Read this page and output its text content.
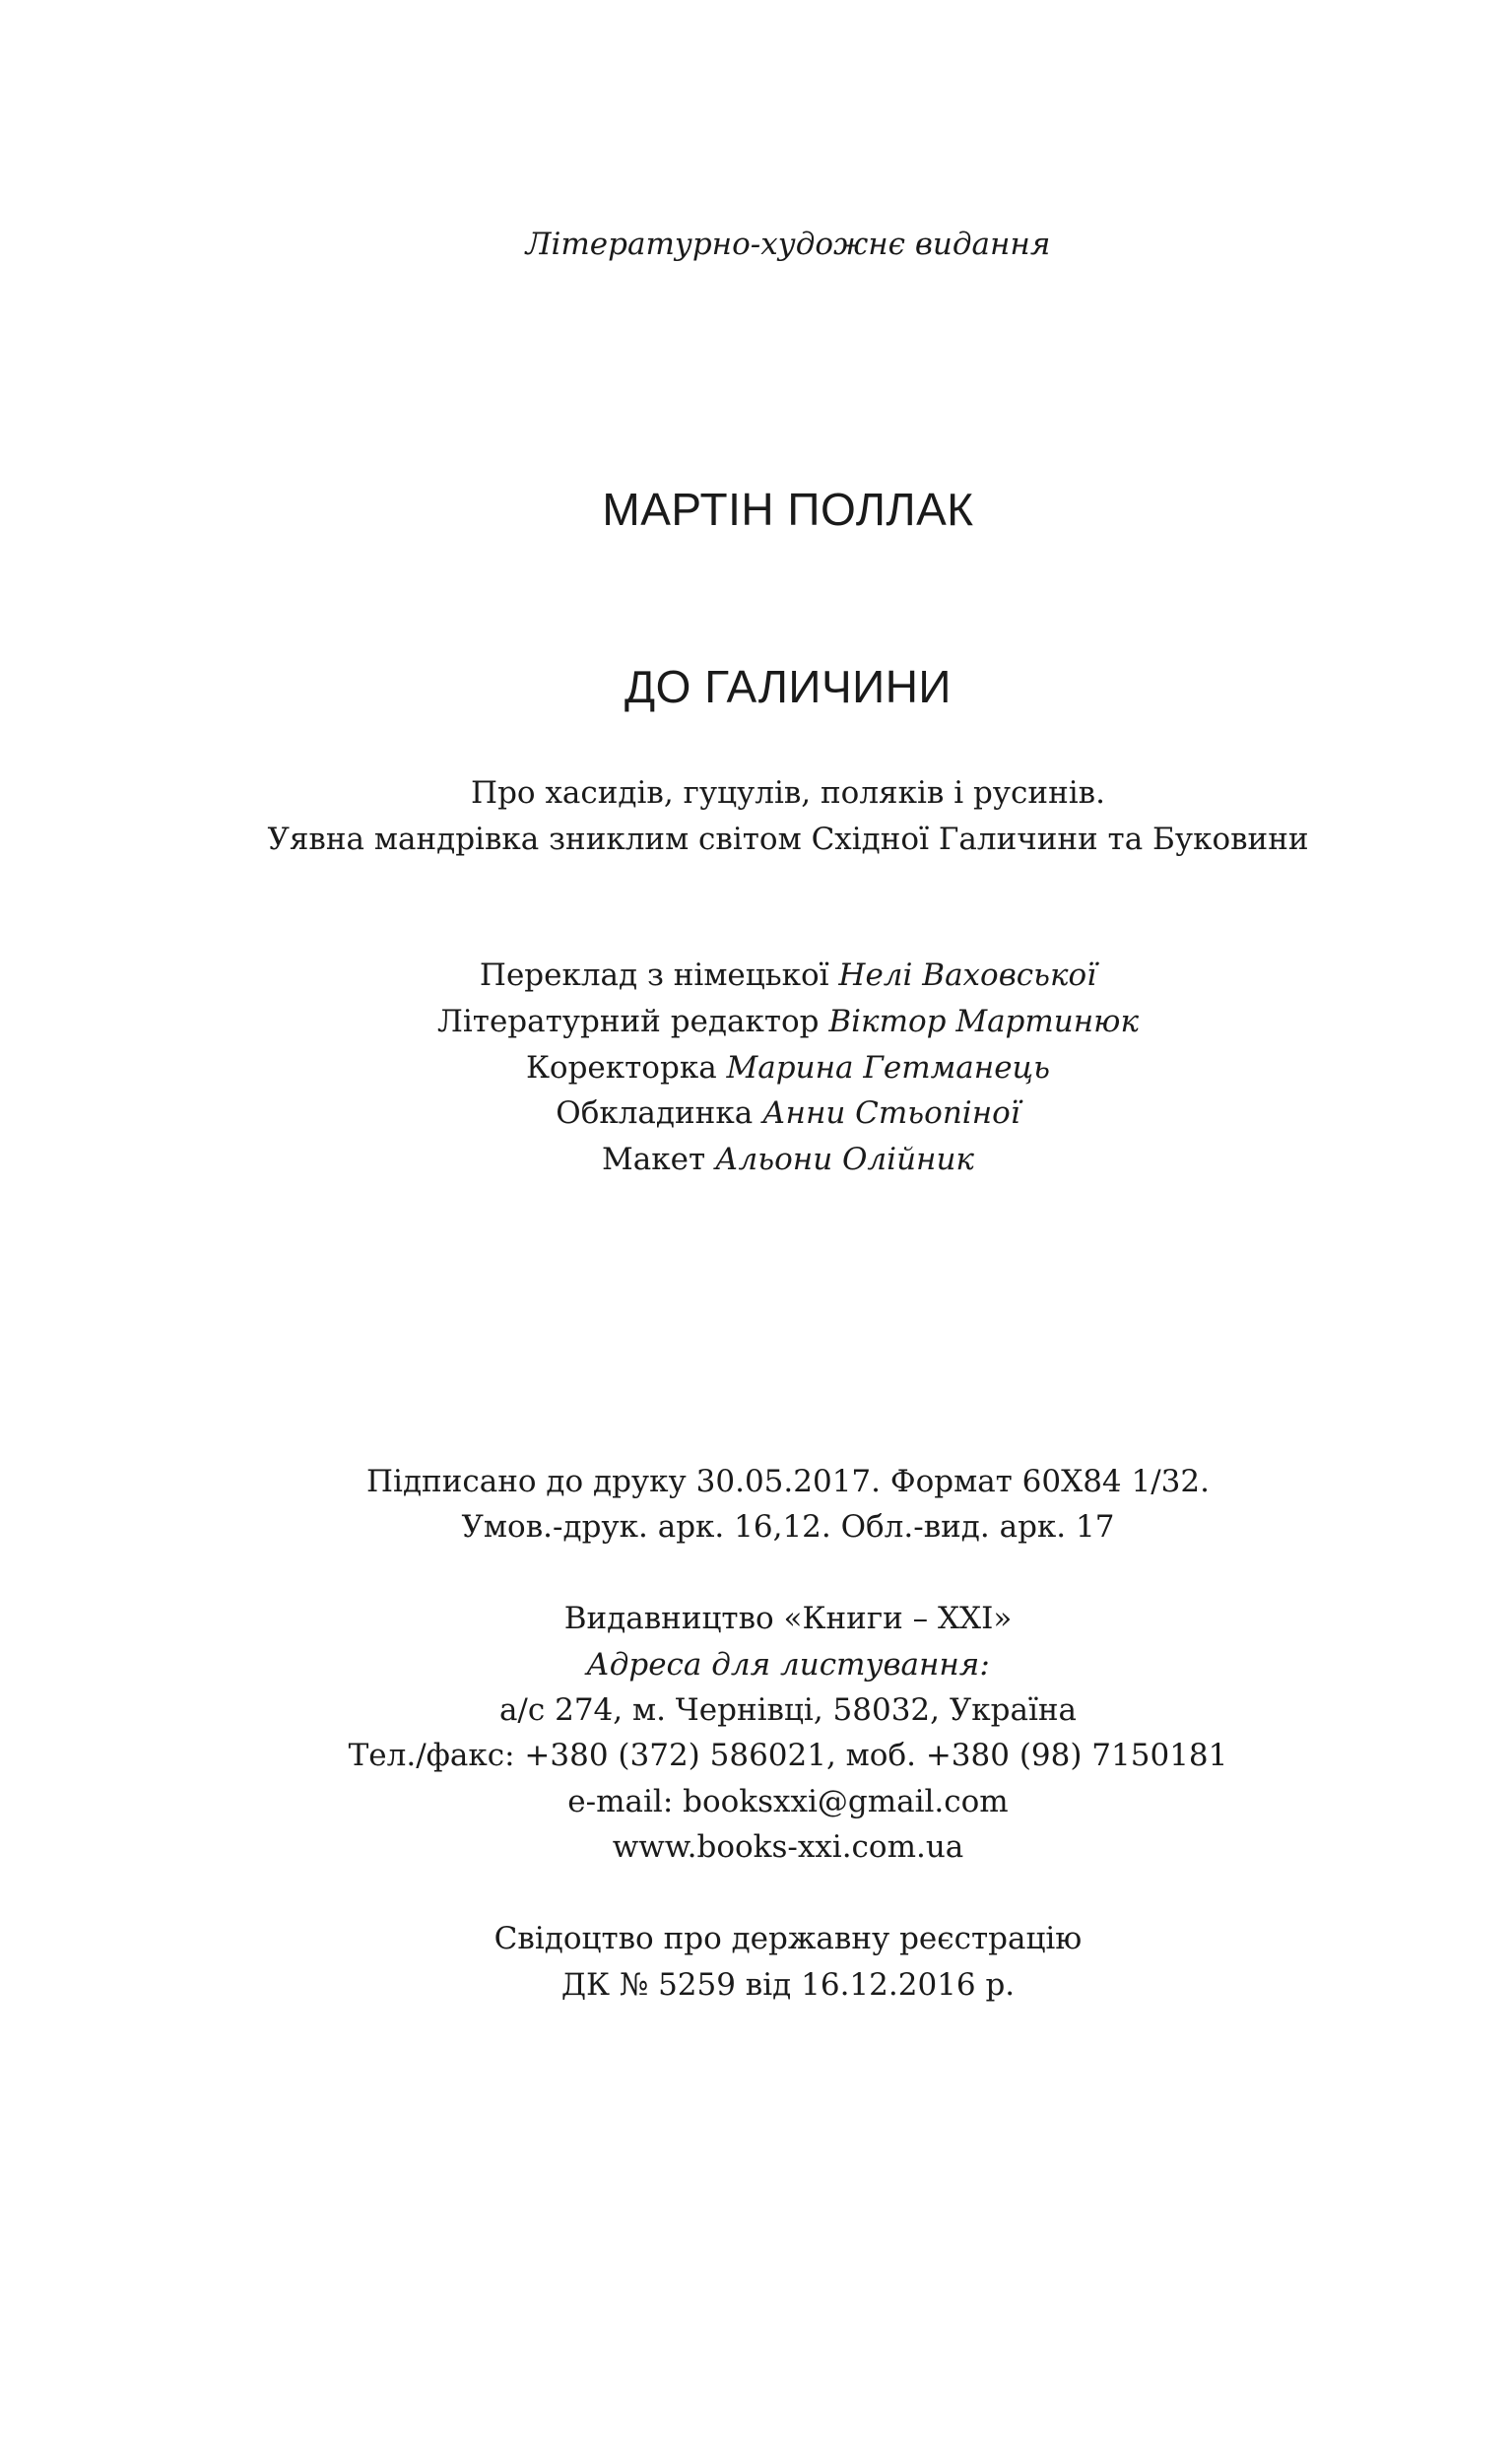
Літературно-художнє видання
МАРТІН ПОЛЛАК
ДО ГАЛИЧИНИ
Про хасидів, гуцулів, поляків і русинів.
Уявна мандрівка зниклим світом Східної Галичини та Буковини
Переклад з німецької Нелі Ваховської
Літературний редактор Віктор Мартинюк
Коректорка Марина Гетманець
Обкладинка Анни Стьопіної
Макет Альони Олійник
Підписано до друку 30.05.2017. Формат 60Х84 1/32.
Умов.-друк. арк. 16,12. Обл.-вид. арк. 17
Видавництво «Книги – XXI»
Адреса для листування:
а/с 274, м. Чернівці, 58032, Україна
Тел./факс: +380 (372) 586021, моб. +380 (98) 7150181
e-mail: booksxxi@gmail.com
www.books-xxi.com.ua
Свідоцтво про державну реєстрацію
ДК № 5259 від 16.12.2016 р.
